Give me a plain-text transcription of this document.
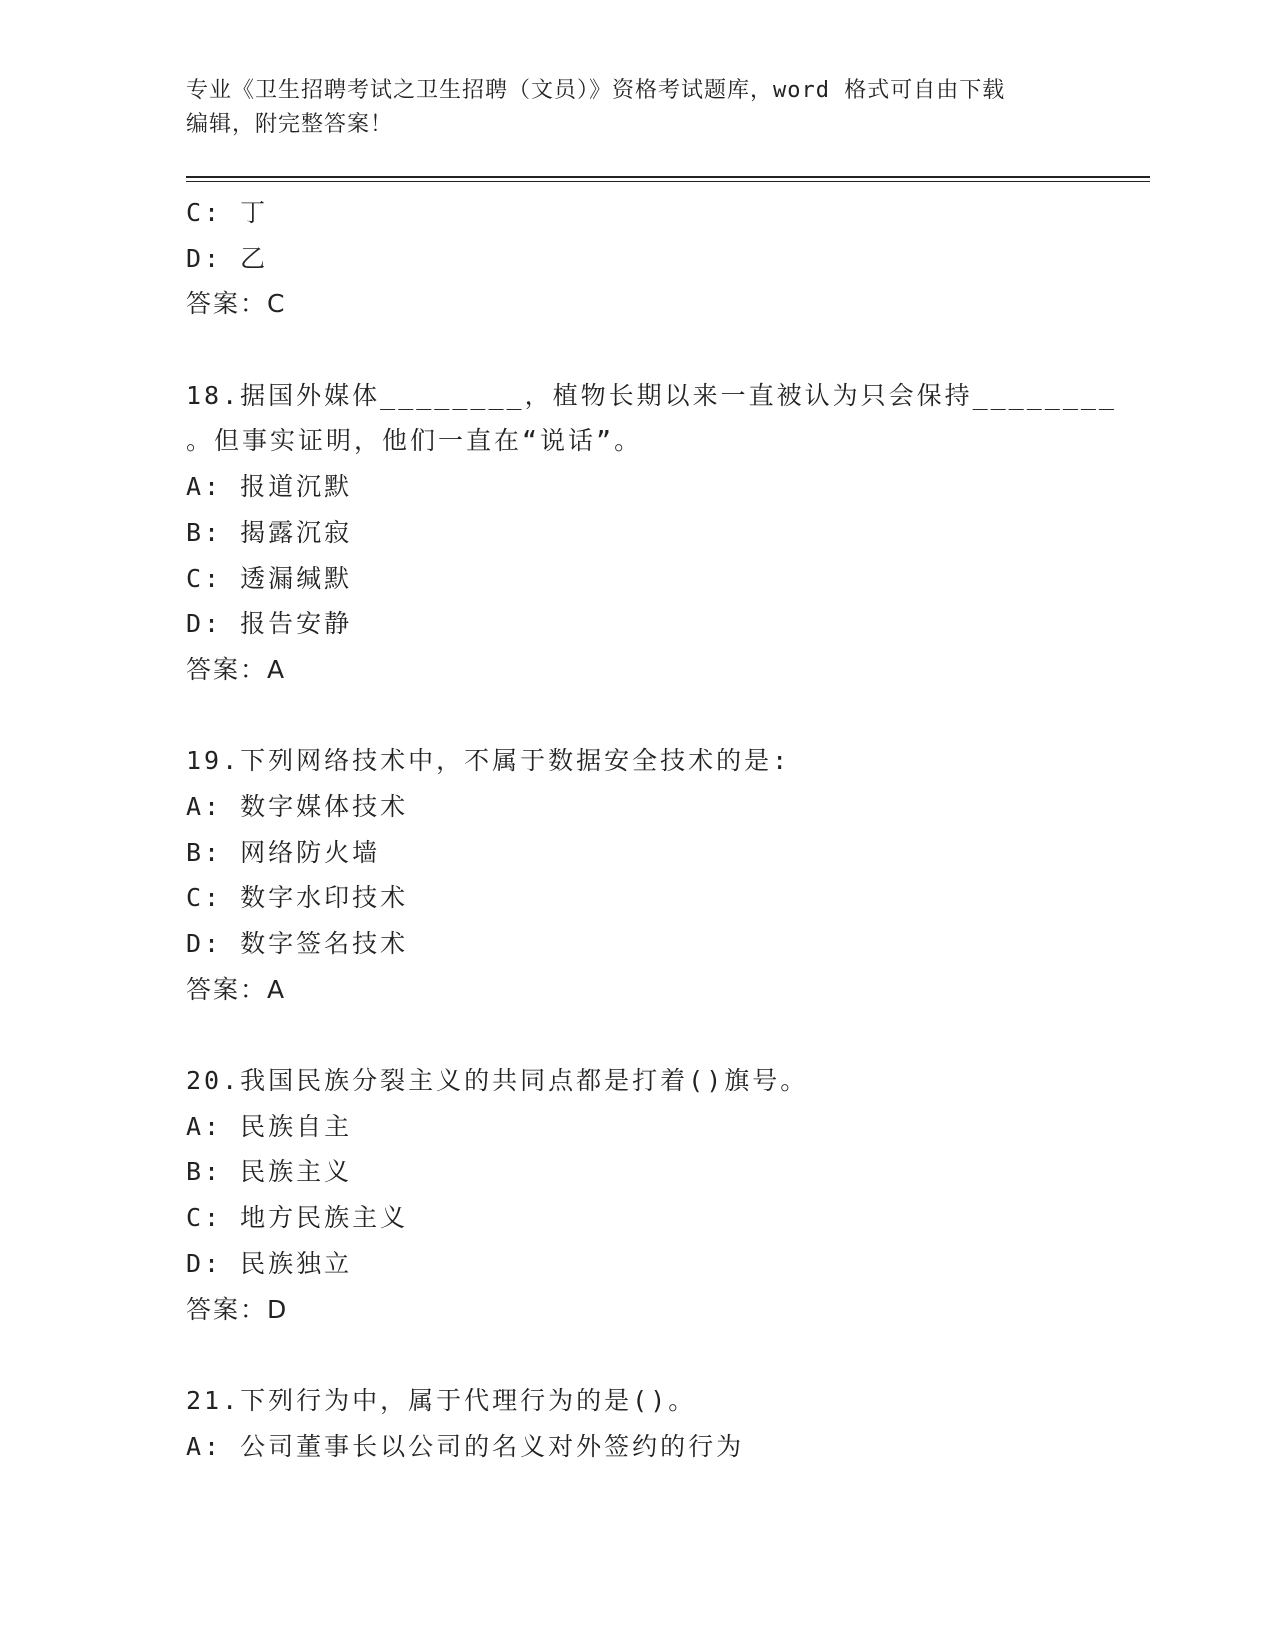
专业《卫生招聘考试之卫生招聘（文员）》资格考试题库，word 格式可自由下载
编辑，附完整答案！
C: 丁
D: 乙
答案：C
18.据国外媒体________，植物长期以来一直被认为只会保持________
。但事实证明，他们一直在“说话”。
A: 报道沉默
B: 揭露沉寂
C: 透漏缄默
D: 报告安静
答案：A
19.下列网络技术中，不属于数据安全技术的是:
A: 数字媒体技术
B: 网络防火墙
C: 数字水印技术
D: 数字签名技术
答案：A
20.我国民族分裂主义的共同点都是打着()旗号。
A: 民族自主
B: 民族主义
C: 地方民族主义
D: 民族独立
答案：D
21.下列行为中，属于代理行为的是()。
A: 公司董事长以公司的名义对外签约的行为
